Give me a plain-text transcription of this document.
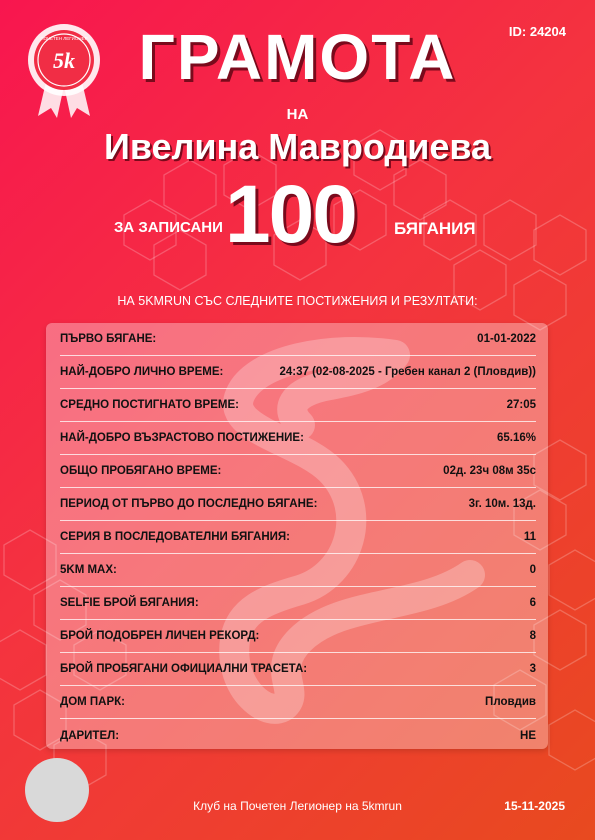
ID: 24204
5k
ПОЧЕТЕН ЛЕГИОНЕР ГРАМОТА
НА
Ивелина Мавродиева
ЗА ЗАПИСАНИ 100 БЯГАНИЯ
НА 5KMRUN СЪС СЛЕДНИТЕ ПОСТИЖЕНИЯ И РЕЗУЛТАТИ:
ПЪРВО БЯГАНЕ:	01-01-2022
НАЙ-ДОБРО ЛИЧНО ВРЕМЕ:	24:37 (02-08-2025 - Гребен канал 2 (Пловдив))
СРЕДНО ПОСТИГНАТО ВРЕМЕ:	27:05
НАЙ-ДОБРО ВЪЗРАСТОВО ПОСТИЖЕНИЕ:	65.16%
ОБЩО ПРОБЯГАНО ВРЕМЕ:	02д. 23ч 08м 35с
ПЕРИОД ОТ ПЪРВО ДО ПОСЛЕДНО БЯГАНЕ:	3г. 10м. 13д.
СЕРИЯ В ПОСЛЕДОВАТЕЛНИ БЯГАНИЯ:	11
5KM MAX:	0
SELFIE БРОЙ БЯГАНИЯ:	6
БРОЙ ПОДОБРЕН ЛИЧЕН РЕКОРД:	8
БРОЙ ПРОБЯГАНИ ОФИЦИАЛНИ ТРАСЕТА:	3
ДОМ ПАРК:	Пловдив
ДАРИТЕЛ:	НЕ
Клуб на Почетен Легионер на 5kmrun	15-11-2025
